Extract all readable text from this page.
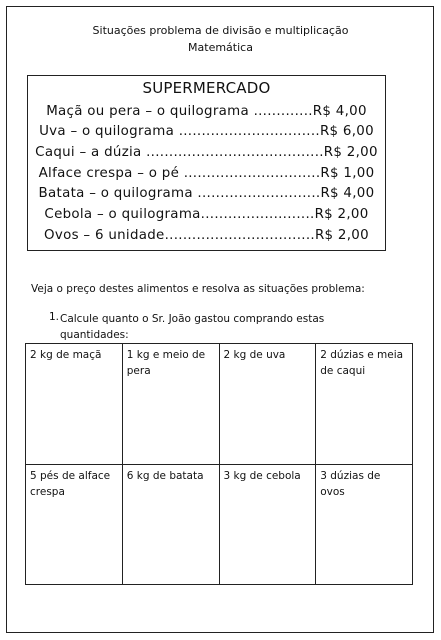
Situações problema de divisão e multiplicação
Matemática
SUPERMERCADO
Maçã ou pera – o quilograma .............R$ 4,00
Uva – o quilograma ...............................R$ 6,00
Caqui – a dúzia .......................................R$ 2,00
Alface crespa – o pé ..............................R$ 1,00
Batata – o quilograma ...........................R$ 4,00
Cebola – o quilograma.........................R$ 2,00
Ovos – 6 unidade.................................R$ 2,00
Veja o preço destes alimentos e resolva as situações problema:
1. Calcule quanto o Sr. João gastou comprando estas quantidades:
2 kg de maçã	1 kg e meio de pera	2 kg de uva	2 dúzias e meia de caqui
5 pés de alface crespa	6 kg de batata	3 kg de cebola	3 dúzias de ovos
